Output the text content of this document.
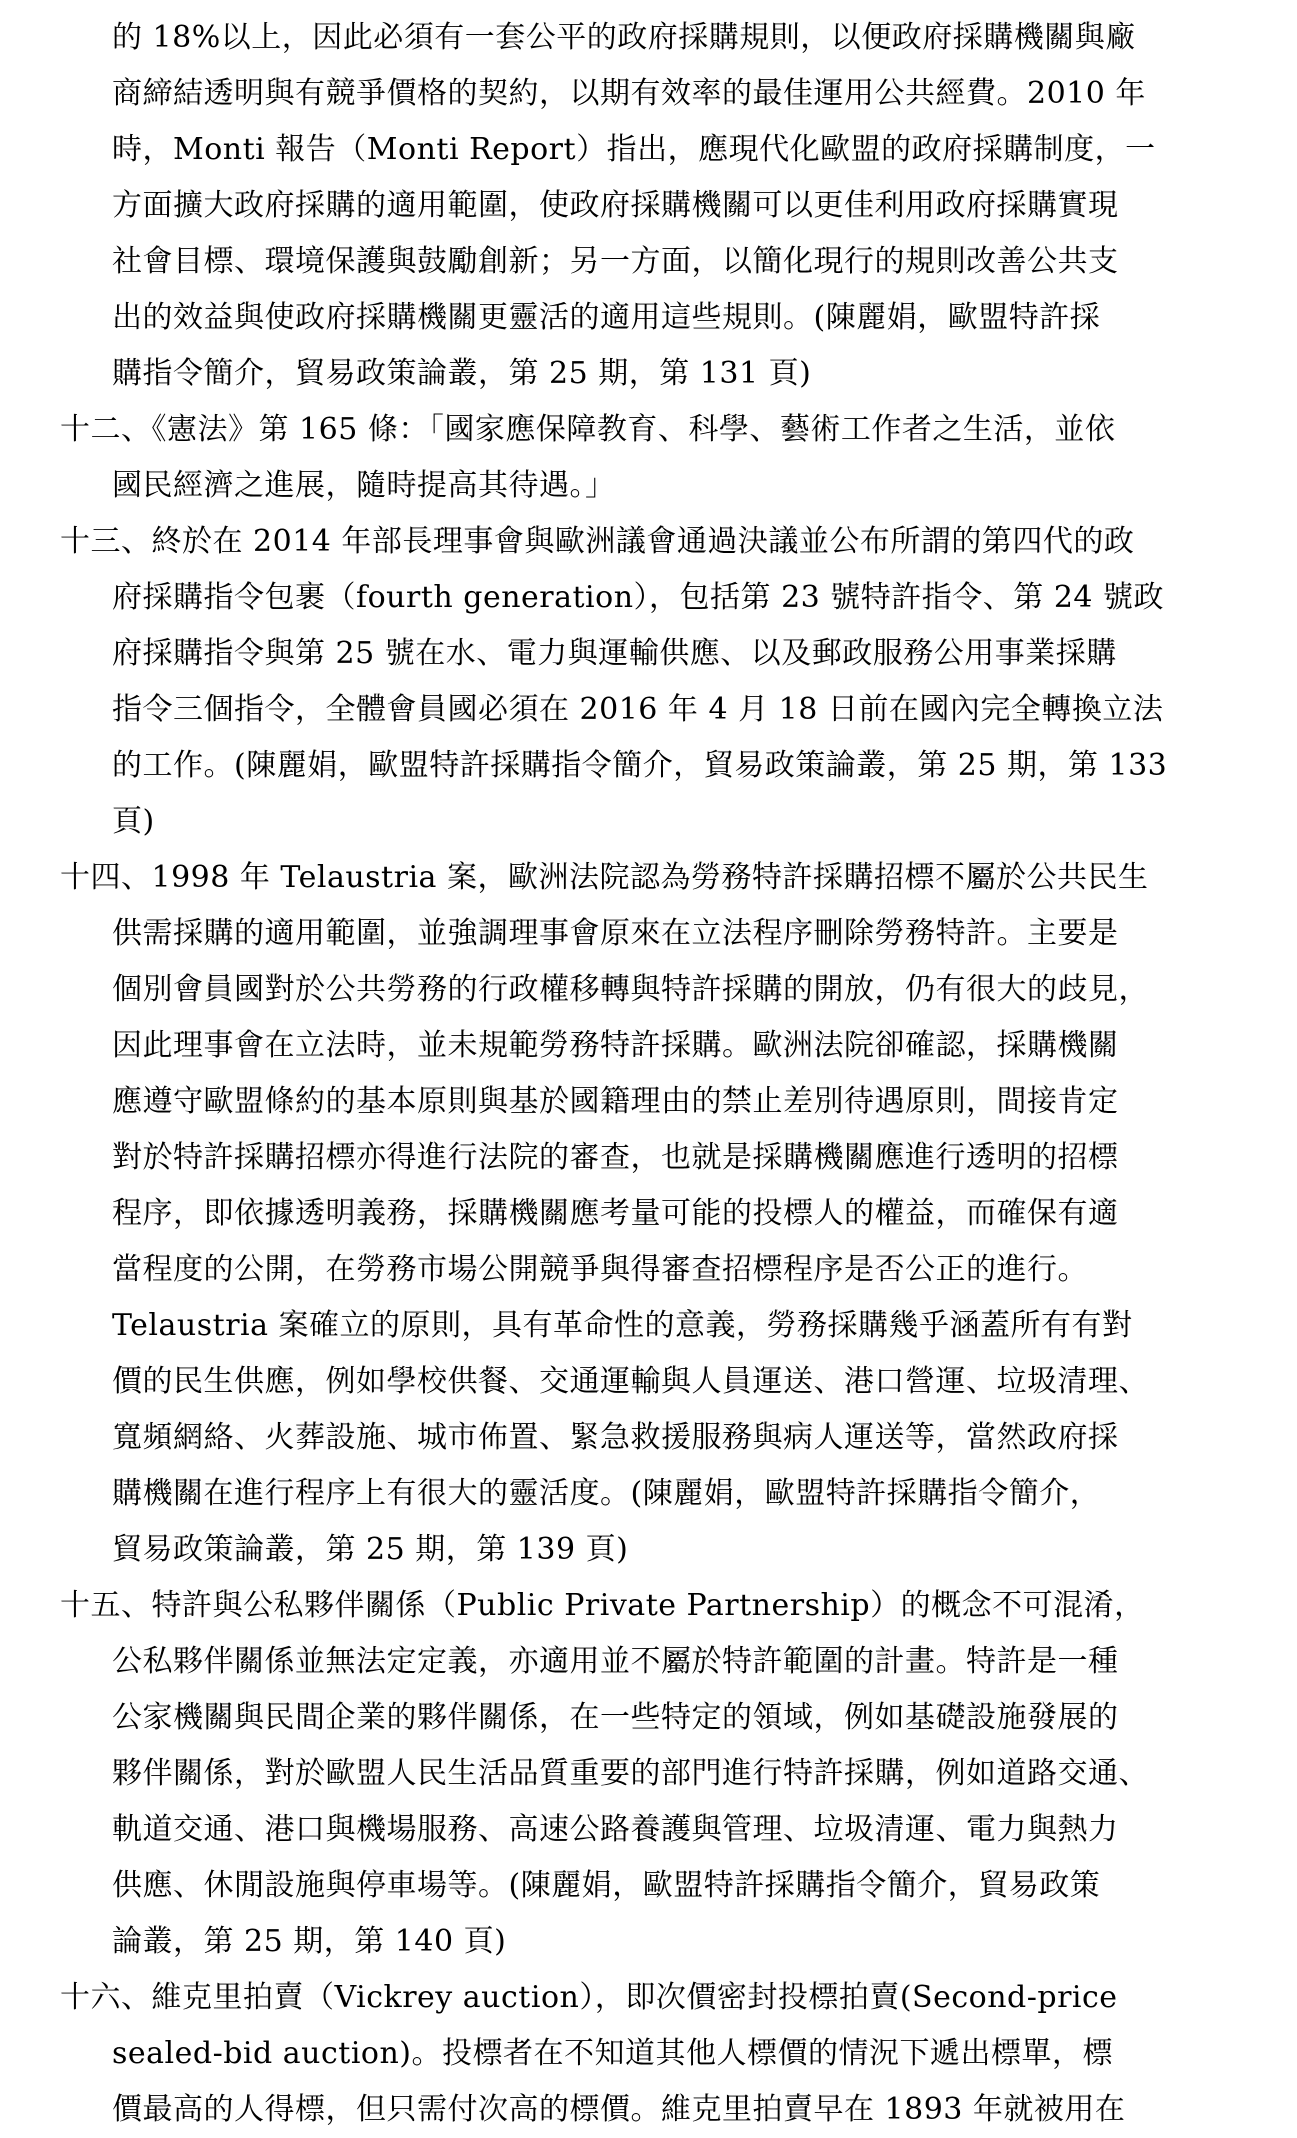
的 18%以上，因此必須有一套公平的政府採購規則，以便政府採購機關與廠
商締結透明與有競爭價格的契約，以期有效率的最佳運用公共經費。2010 年
時，Monti 報告（Monti Report）指出，應現代化歐盟的政府採購制度，一
方面擴大政府採購的適用範圍，使政府採購機關可以更佳利用政府採購實現
社會目標、環境保護與鼓勵創新；另一方面，以簡化現行的規則改善公共支
出的效益與使政府採購機關更靈活的適用這些規則。(陳麗娟，歐盟特許採
購指令簡介，貿易政策論叢，第 25 期，第 131 頁)
十二、《憲法》第 165 條：「國家應保障教育、科學、藝術工作者之生活，並依
國民經濟之進展，隨時提高其待遇。」
十三、終於在 2014 年部長理事會與歐洲議會通過決議並公布所謂的第四代的政
府採購指令包裹（fourth generation），包括第 23 號特許指令、第 24 號政
府採購指令與第 25 號在水、電力與運輸供應、以及郵政服務公用事業採購
指令三個指令，全體會員國必須在 2016 年 4 月 18 日前在國內完全轉換立法
的工作。(陳麗娟，歐盟特許採購指令簡介，貿易政策論叢，第 25 期，第 133
頁)
十四、1998 年 Telaustria 案，歐洲法院認為勞務特許採購招標不屬於公共民生
供需採購的適用範圍，並強調理事會原來在立法程序刪除勞務特許。主要是
個別會員國對於公共勞務的行政權移轉與特許採購的開放，仍有很大的歧見，
因此理事會在立法時，並未規範勞務特許採購。歐洲法院卻確認，採購機關
應遵守歐盟條約的基本原則與基於國籍理由的禁止差別待遇原則，間接肯定
對於特許採購招標亦得進行法院的審查，也就是採購機關應進行透明的招標
程序，即依據透明義務，採購機關應考量可能的投標人的權益，而確保有適
當程度的公開，在勞務市場公開競爭與得審查招標程序是否公正的進行。
Telaustria 案確立的原則，具有革命性的意義，勞務採購幾乎涵蓋所有有對
價的民生供應，例如學校供餐、交通運輸與人員運送、港口營運、垃圾清理、
寬頻網絡、火葬設施、城市佈置、緊急救援服務與病人運送等，當然政府採
購機關在進行程序上有很大的靈活度。(陳麗娟，歐盟特許採購指令簡介，
貿易政策論叢，第 25 期，第 139 頁)
十五、特許與公私夥伴關係（Public Private Partnership）的概念不可混淆，
公私夥伴關係並無法定定義，亦適用並不屬於特許範圍的計畫。特許是一種
公家機關與民間企業的夥伴關係，在一些特定的領域，例如基礎設施發展的
夥伴關係，對於歐盟人民生活品質重要的部門進行特許採購，例如道路交通、
軌道交通、港口與機場服務、高速公路養護與管理、垃圾清運、電力與熱力
供應、休閒設施與停車場等。(陳麗娟，歐盟特許採購指令簡介，貿易政策
論叢，第 25 期，第 140 頁)
十六、維克里拍賣（Vickrey auction），即次價密封投標拍賣(Second-price
sealed-bid auction)。投標者在不知道其他人標價的情況下遞出標單，標
價最高的人得標，但只需付次高的標價。維克里拍賣早在 1893 年就被用在
